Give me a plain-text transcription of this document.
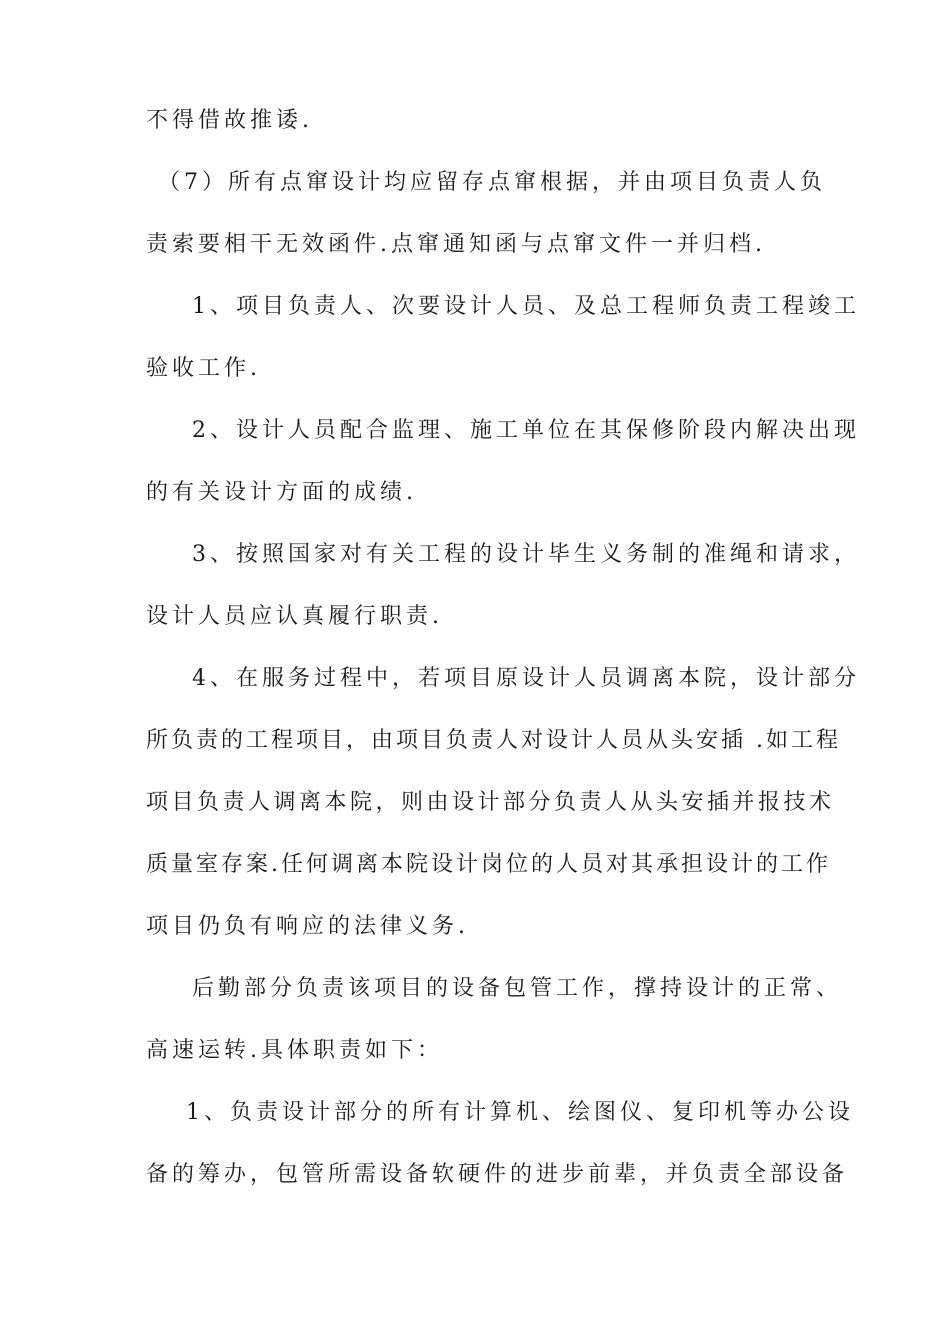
不得借故推诿.
（7）所有点窜设计均应留存点窜根据，并由项目负责人负
责索要相干无效函件.点窜通知函与点窜文件一并归档.
1、项目负责人、次要设计人员、及总工程师负责工程竣工
验收工作.
2、设计人员配合监理、施工单位在其保修阶段内解决出现
的有关设计方面的成绩.
3、按照国家对有关工程的设计毕生义务制的准绳和请求，
设计人员应认真履行职责.
4、在服务过程中，若项目原设计人员调离本院，设计部分
所负责的工程项目，由项目负责人对设计人员从头安插 .如工程
项目负责人调离本院，则由设计部分负责人从头安插并报技术
质量室存案.任何调离本院设计岗位的人员对其承担设计的工作
项目仍负有响应的法律义务.
后勤部分负责该项目的设备包管工作，撑持设计的正常、
高速运转.具体职责如下：
1、负责设计部分的所有计算机、绘图仪、复印机等办公设
备的筹办，包管所需设备软硬件的进步前辈，并负责全部设备
